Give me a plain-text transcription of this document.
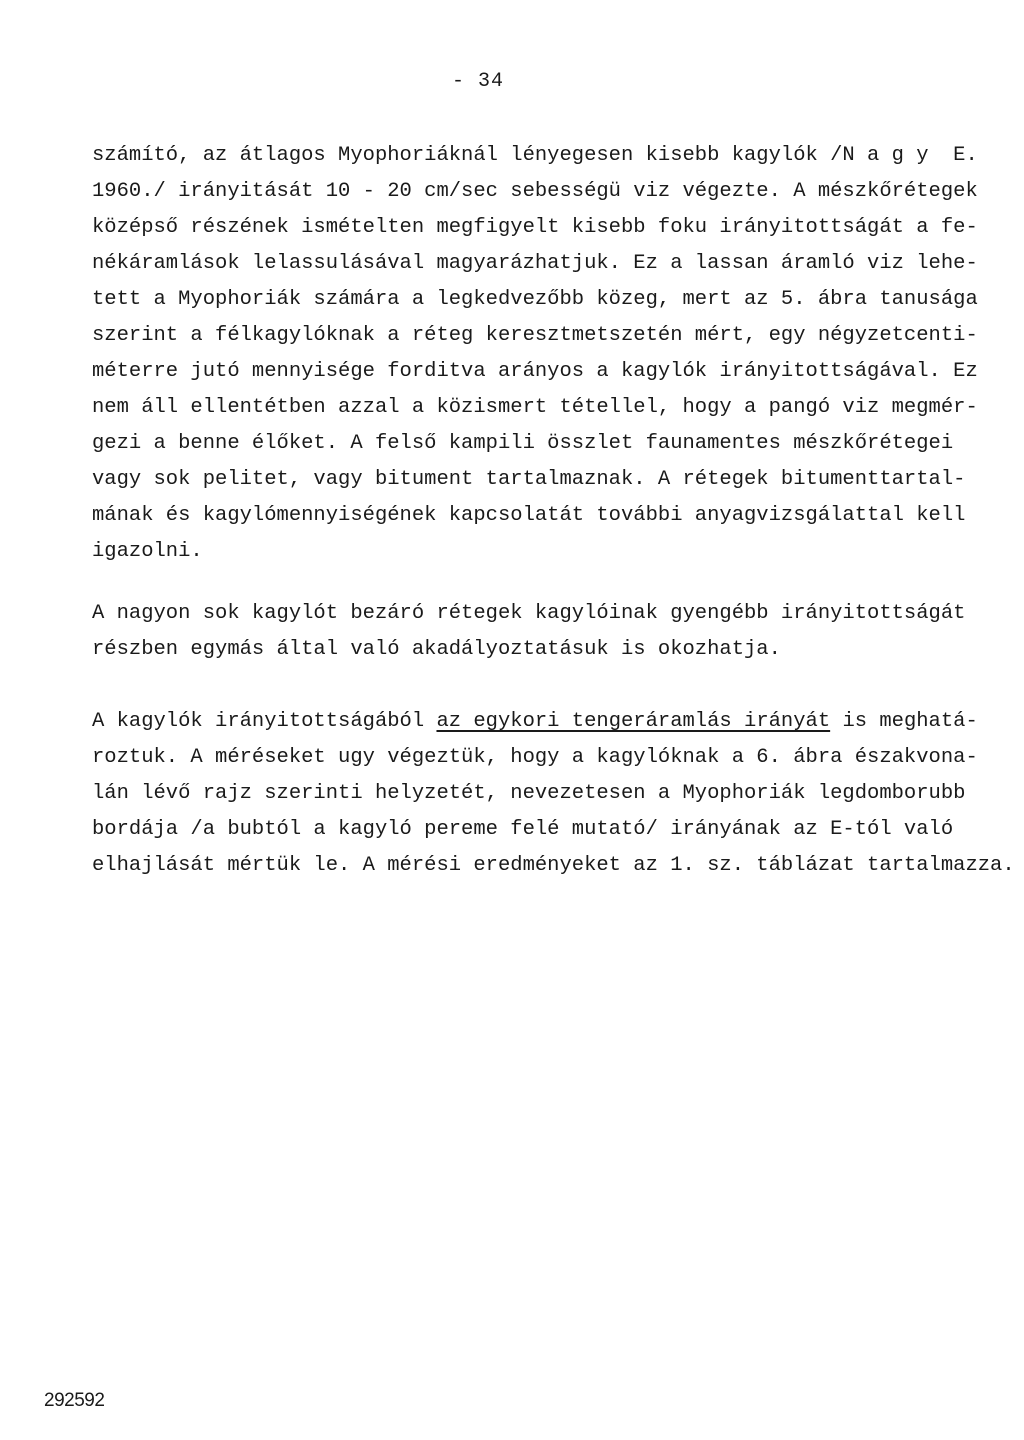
- 34
számító, az átlagos Myophoriáknál lényegesen kisebb kagylók /N a g y  E.
1960./ irányitását 10 - 20 cm/sec sebességü viz végezte. A mészkőrétegek
középső részének ismételten megfigyelt kisebb foku irányitottságát a fe-
nékáramlások lelassulásával magyarázhatjuk. Ez a lassan áramló viz lehe-
tett a Myophoriák számára a legkedvezőbb közeg, mert az 5. ábra tanusága
szerint a félkagylóknak a réteg keresztmetszetén mért, egy négyzetcenti-
méterre jutó mennyisége forditva arányos a kagylók irányitottságával. Ez
nem áll ellentétben azzal a közismert tétellel, hogy a pangó viz megmér-
gezi a benne élőket. A felső kampili összlet faunamentes mészkőrétegei
vagy sok pelitet, vagy bitument tartalmaznak. A rétegek bitumenttartal-
mának és kagylómennyiségének kapcsolatát további anyagvizsgálattal kell
igazolni.
A nagyon sok kagylót bezáró rétegek kagylóinak gyengébb irányitottságát
részben egymás által való akadályoztatásuk is okozhatja.
A kagylók irányitottságából az egykori tengeráramlás irányát is meghatá-
roztuk. A méréseket ugy végeztük, hogy a kagylóknak a 6. ábra északvona-
lán lévő rajz szerinti helyzetét, nevezetesen a Myophoriák legdomborubb
bordája /a bubtól a kagyló pereme felé mutató/ irányának az E-tól való
elhajlását mértük le. A mérési eredményeket az 1. sz. táblázat tartalmazza.
292592
